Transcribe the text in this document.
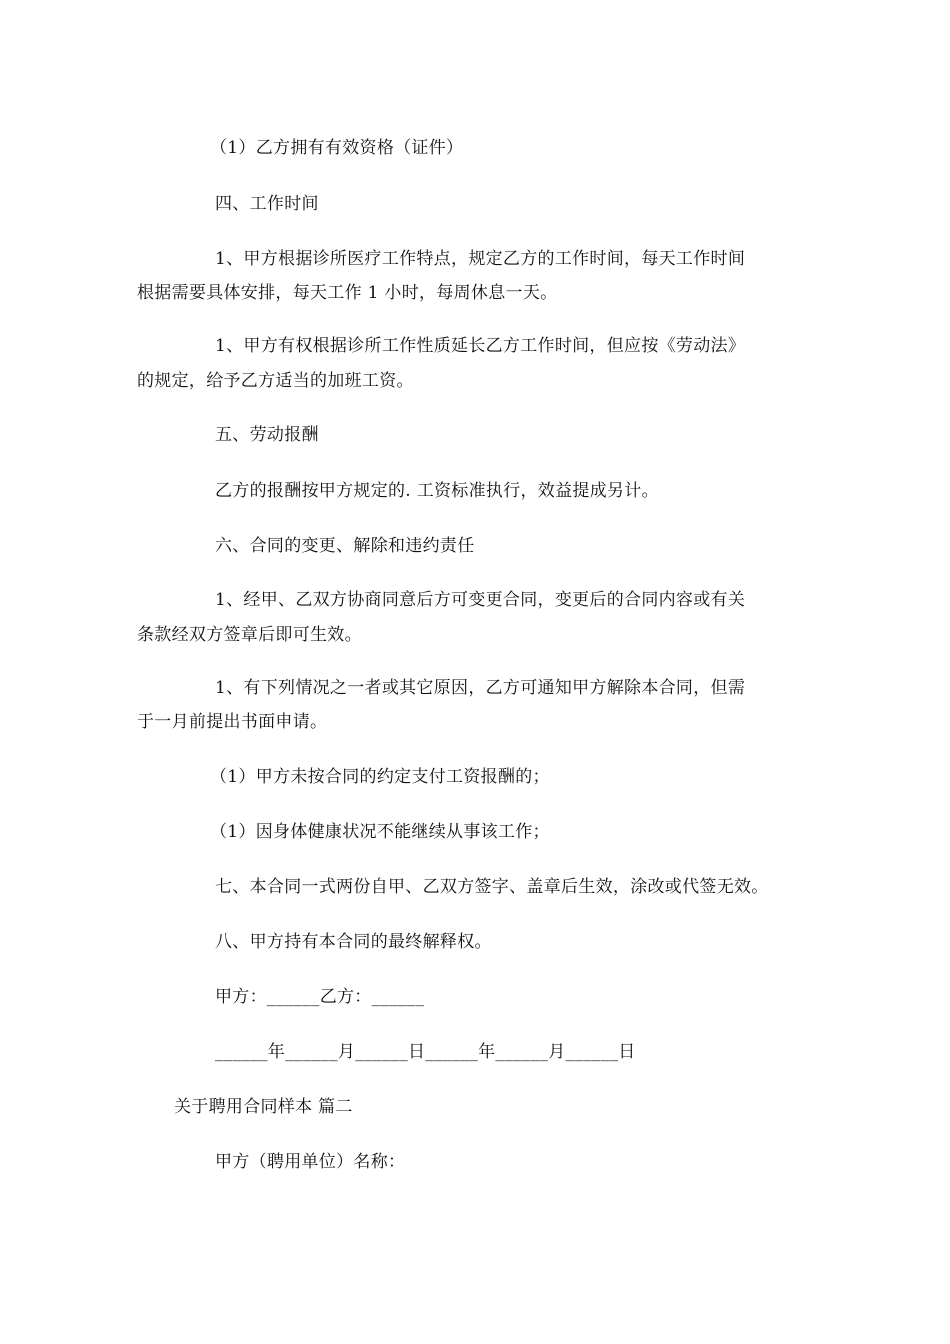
（1）乙方拥有有效资格（证件）

四、工作时间

1、甲方根据诊所医疗工作特点，规定乙方的工作时间，每天工作时间

根据需要具体安排，每天工作 1 小时，每周休息一天。

1、甲方有权根据诊所工作性质延长乙方工作时间，但应按《劳动法》

的规定，给予乙方适当的加班工资。

五、劳动报酬

乙方的报酬按甲方规定的. 工资标准执行，效益提成另计。

六、合同的变更、解除和违约责任

1、经甲、乙双方协商同意后方可变更合同，变更后的合同内容或有关

条款经双方签章后即可生效。

1、有下列情况之一者或其它原因，乙方可通知甲方解除本合同，但需

于一月前提出书面申请。

（1）甲方未按合同的约定支付工资报酬的；

（1）因身体健康状况不能继续从事该工作；

七、本合同一式两份自甲、乙双方签字、盖章后生效，涂改或代签无效。

八、甲方持有本合同的最终解释权。

甲方：______乙方：______

______年______月______日______年______月______日

关于聘用合同样本 篇二

甲方（聘用单位）名称：
